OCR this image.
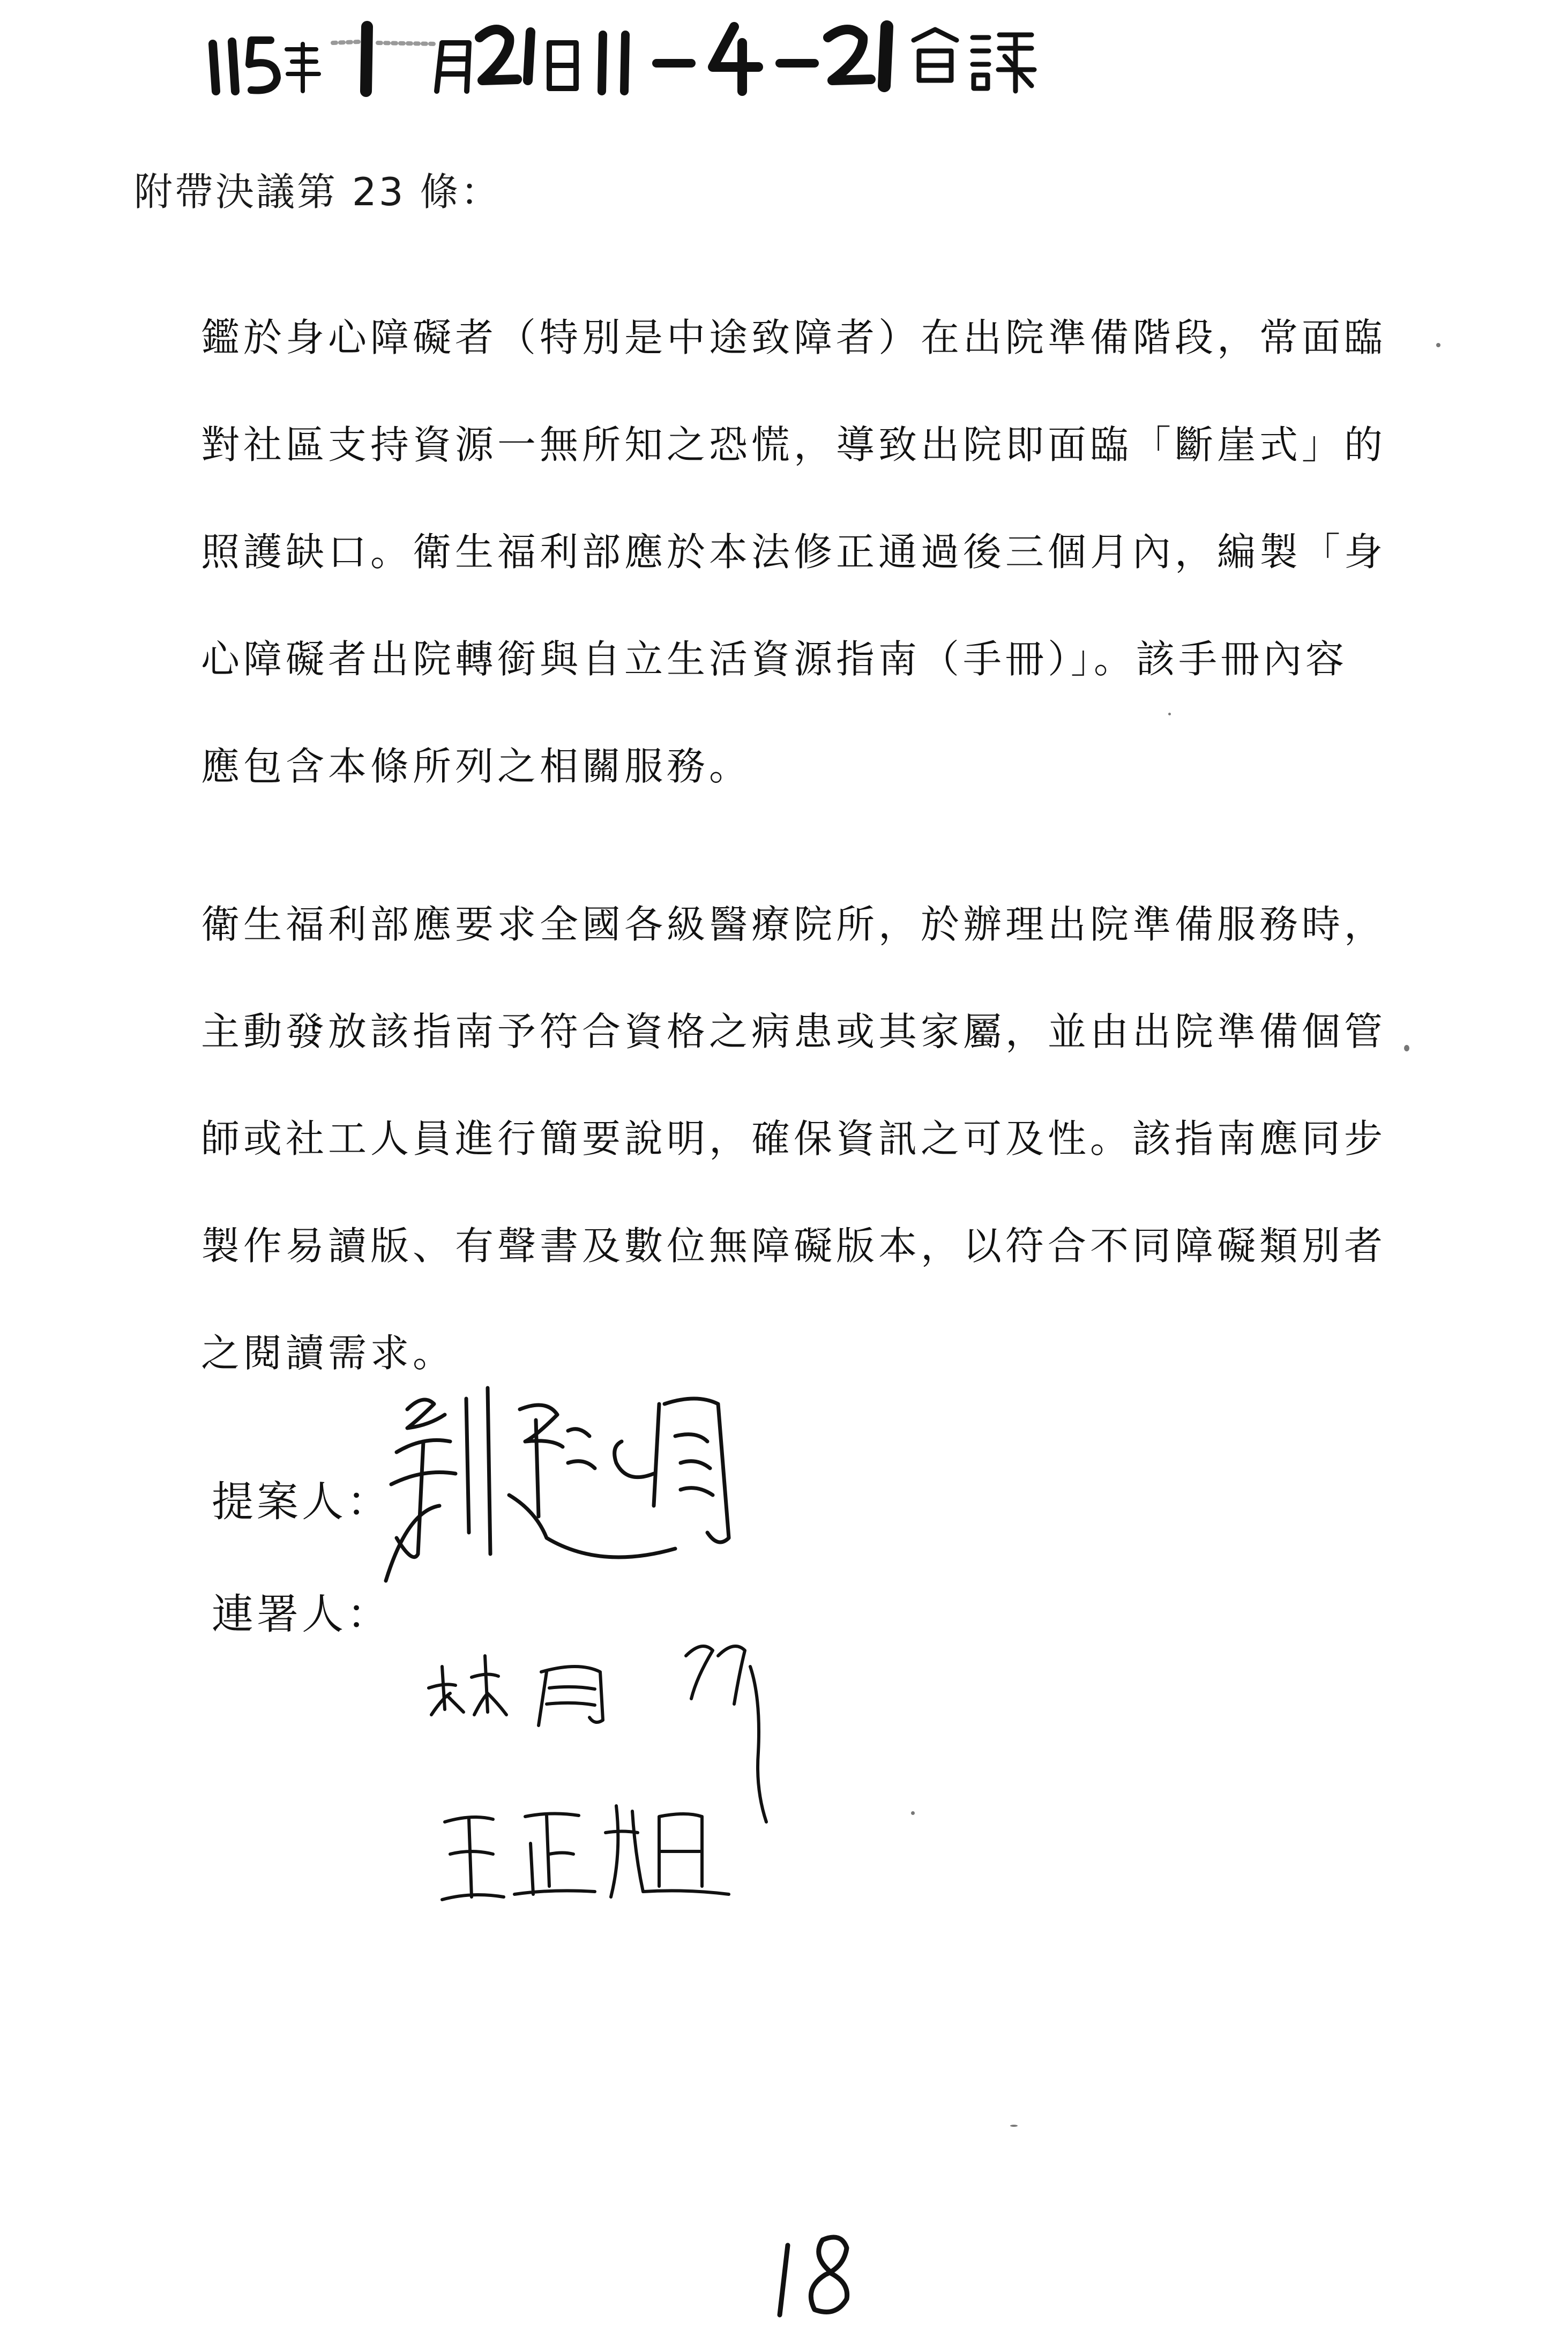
附帶決議第 23 條：
鑑於身心障礙者（特別是中途致障者）在出院準備階段，常面臨
對社區支持資源一無所知之恐慌，導致出院即面臨「斷崖式」的
照護缺口。衛生福利部應於本法修正通過後三個月內，編製「身
心障礙者出院轉銜與自立生活資源指南（手冊）」。該手冊內容
應包含本條所列之相關服務。
衛生福利部應要求全國各級醫療院所，於辦理出院準備服務時，
主動發放該指南予符合資格之病患或其家屬，並由出院準備個管
師或社工人員進行簡要說明，確保資訊之可及性。該指南應同步
製作易讀版、有聲書及數位無障礙版本，以符合不同障礙類別者
之閱讀需求。
提案人：
連署人：
